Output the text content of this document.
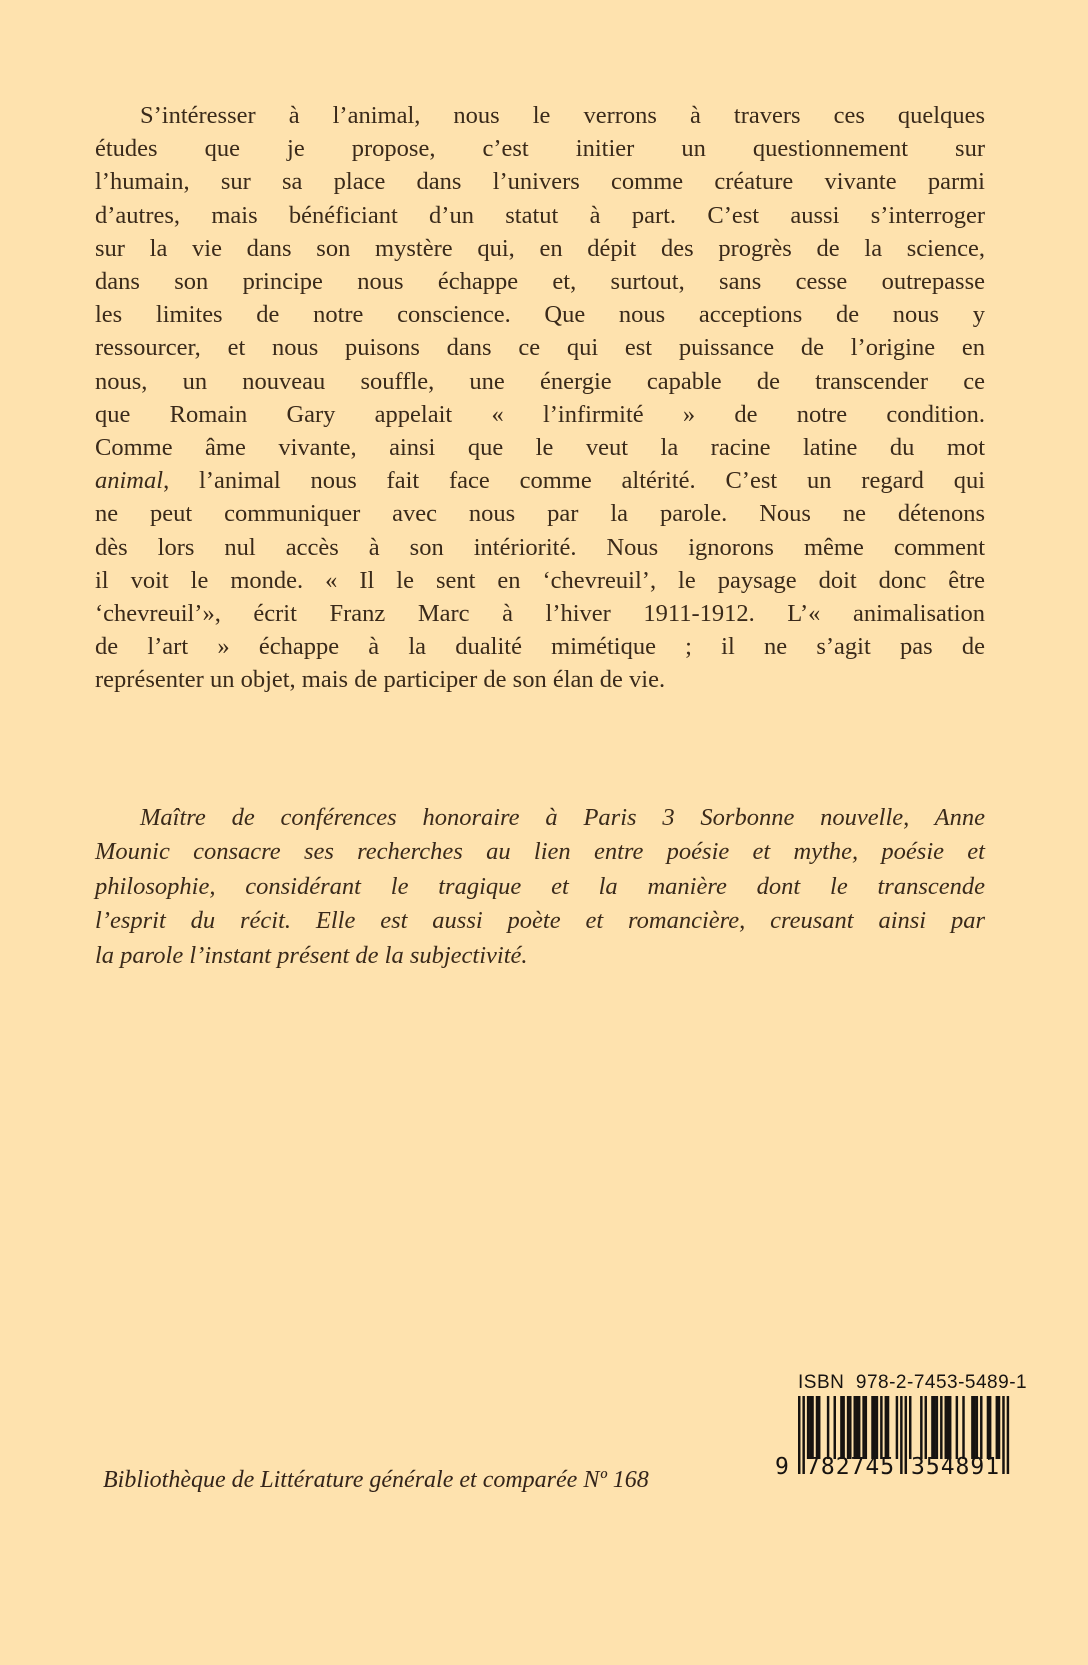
S’intéresser à l’animal, nous le verrons à travers ces quelques
études que je propose, c’est initier un questionnement sur
l’humain, sur sa place dans l’univers comme créature vivante parmi
d’autres, mais bénéficiant d’un statut à part. C’est aussi s’interroger
sur la vie dans son mystère qui, en dépit des progrès de la science,
dans son principe nous échappe et, surtout, sans cesse outrepasse
les limites de notre conscience. Que nous acceptions de nous y
ressourcer, et nous puisons dans ce qui est puissance de l’origine en
nous, un nouveau souffle, une énergie capable de transcender ce
que Romain Gary appelait « l’infirmité » de notre condition.
Comme âme vivante, ainsi que le veut la racine latine du mot
animal, l’animal nous fait face comme altérité. C’est un regard qui
ne peut communiquer avec nous par la parole. Nous ne détenons
dès lors nul accès à son intériorité. Nous ignorons même comment
il voit le monde. « Il le sent en ‘chevreuil’, le paysage doit donc être
‘chevreuil’», écrit Franz Marc à l’hiver 1911-1912. L’« animalisation
de l’art » échappe à la dualité mimétique ; il ne s’agit pas de
représenter un objet, mais de participer de son élan de vie.
Maître de conférences honoraire à Paris 3 Sorbonne nouvelle, Anne
Mounic consacre ses recherches au lien entre poésie et mythe, poésie et
philosophie, considérant le tragique et la manière dont le transcende
l’esprit du récit. Elle est aussi poète et romancière, creusant ainsi par
la parole l’instant présent de la subjectivité.
Bibliothèque de Littérature générale et comparée Nº 168
ISBN  978-2-7453-5489-1
9 782745 354891
